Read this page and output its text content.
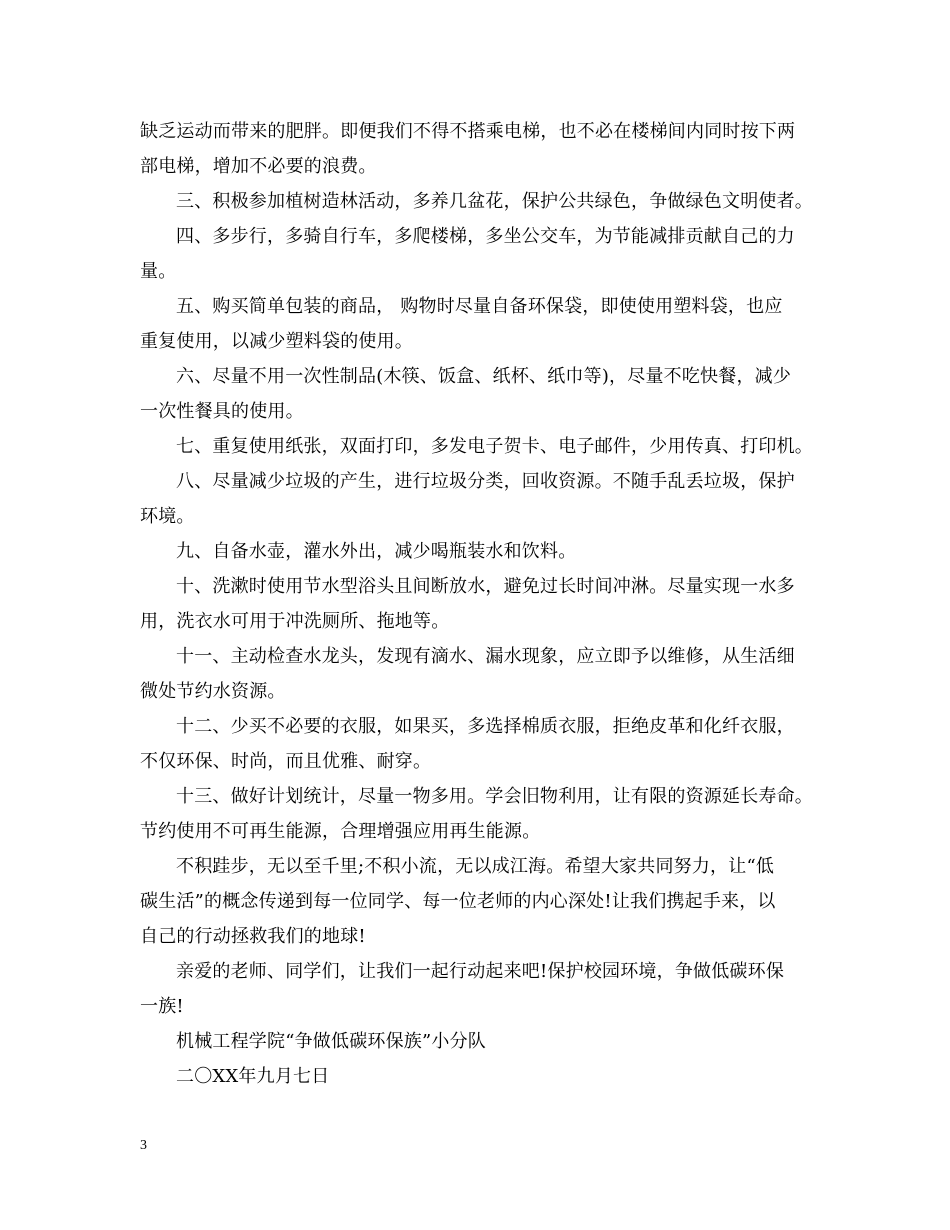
缺乏运动而带来的肥胖。即便我们不得不搭乘电梯，也不必在楼梯间内同时按下两
部电梯，增加不必要的浪费。
三、积极参加植树造林活动，多养几盆花，保护公共绿色，争做绿色文明使者。
四、多步行，多骑自行车，多爬楼梯，多坐公交车，为节能减排贡献自己的力
量。
五、购买简单包装的商品， 购物时尽量自备环保袋，即使使用塑料袋，也应
重复使用，以减少塑料袋的使用。
六、尽量不用一次性制品(木筷、饭盒、纸杯、纸巾等)，尽量不吃快餐，减少
一次性餐具的使用。
七、重复使用纸张，双面打印，多发电子贺卡、电子邮件，少用传真、打印机。
八、尽量减少垃圾的产生，进行垃圾分类，回收资源。不随手乱丢垃圾，保护
环境。
九、自备水壶，灌水外出，减少喝瓶装水和饮料。
十、洗漱时使用节水型浴头且间断放水，避免过长时间冲淋。尽量实现一水多
用，洗衣水可用于冲洗厕所、拖地等。
十一、主动检查水龙头，发现有滴水、漏水现象，应立即予以维修，从生活细
微处节约水资源。
十二、少买不必要的衣服，如果买，多选择棉质衣服，拒绝皮革和化纤衣服，
不仅环保、时尚，而且优雅、耐穿。
十三、做好计划统计，尽量一物多用。学会旧物利用，让有限的资源延长寿命。
节约使用不可再生能源，合理增强应用再生能源。
不积跬步，无以至千里;不积小流，无以成江海。希望大家共同努力，让“低
碳生活”的概念传递到每一位同学、每一位老师的内心深处!让我们携起手来，以
自己的行动拯救我们的地球!
亲爱的老师、同学们，让我们一起行动起来吧!保护校园环境，争做低碳环保
一族!
机械工程学院“争做低碳环保族”小分队
二〇XX年九月七日
3
